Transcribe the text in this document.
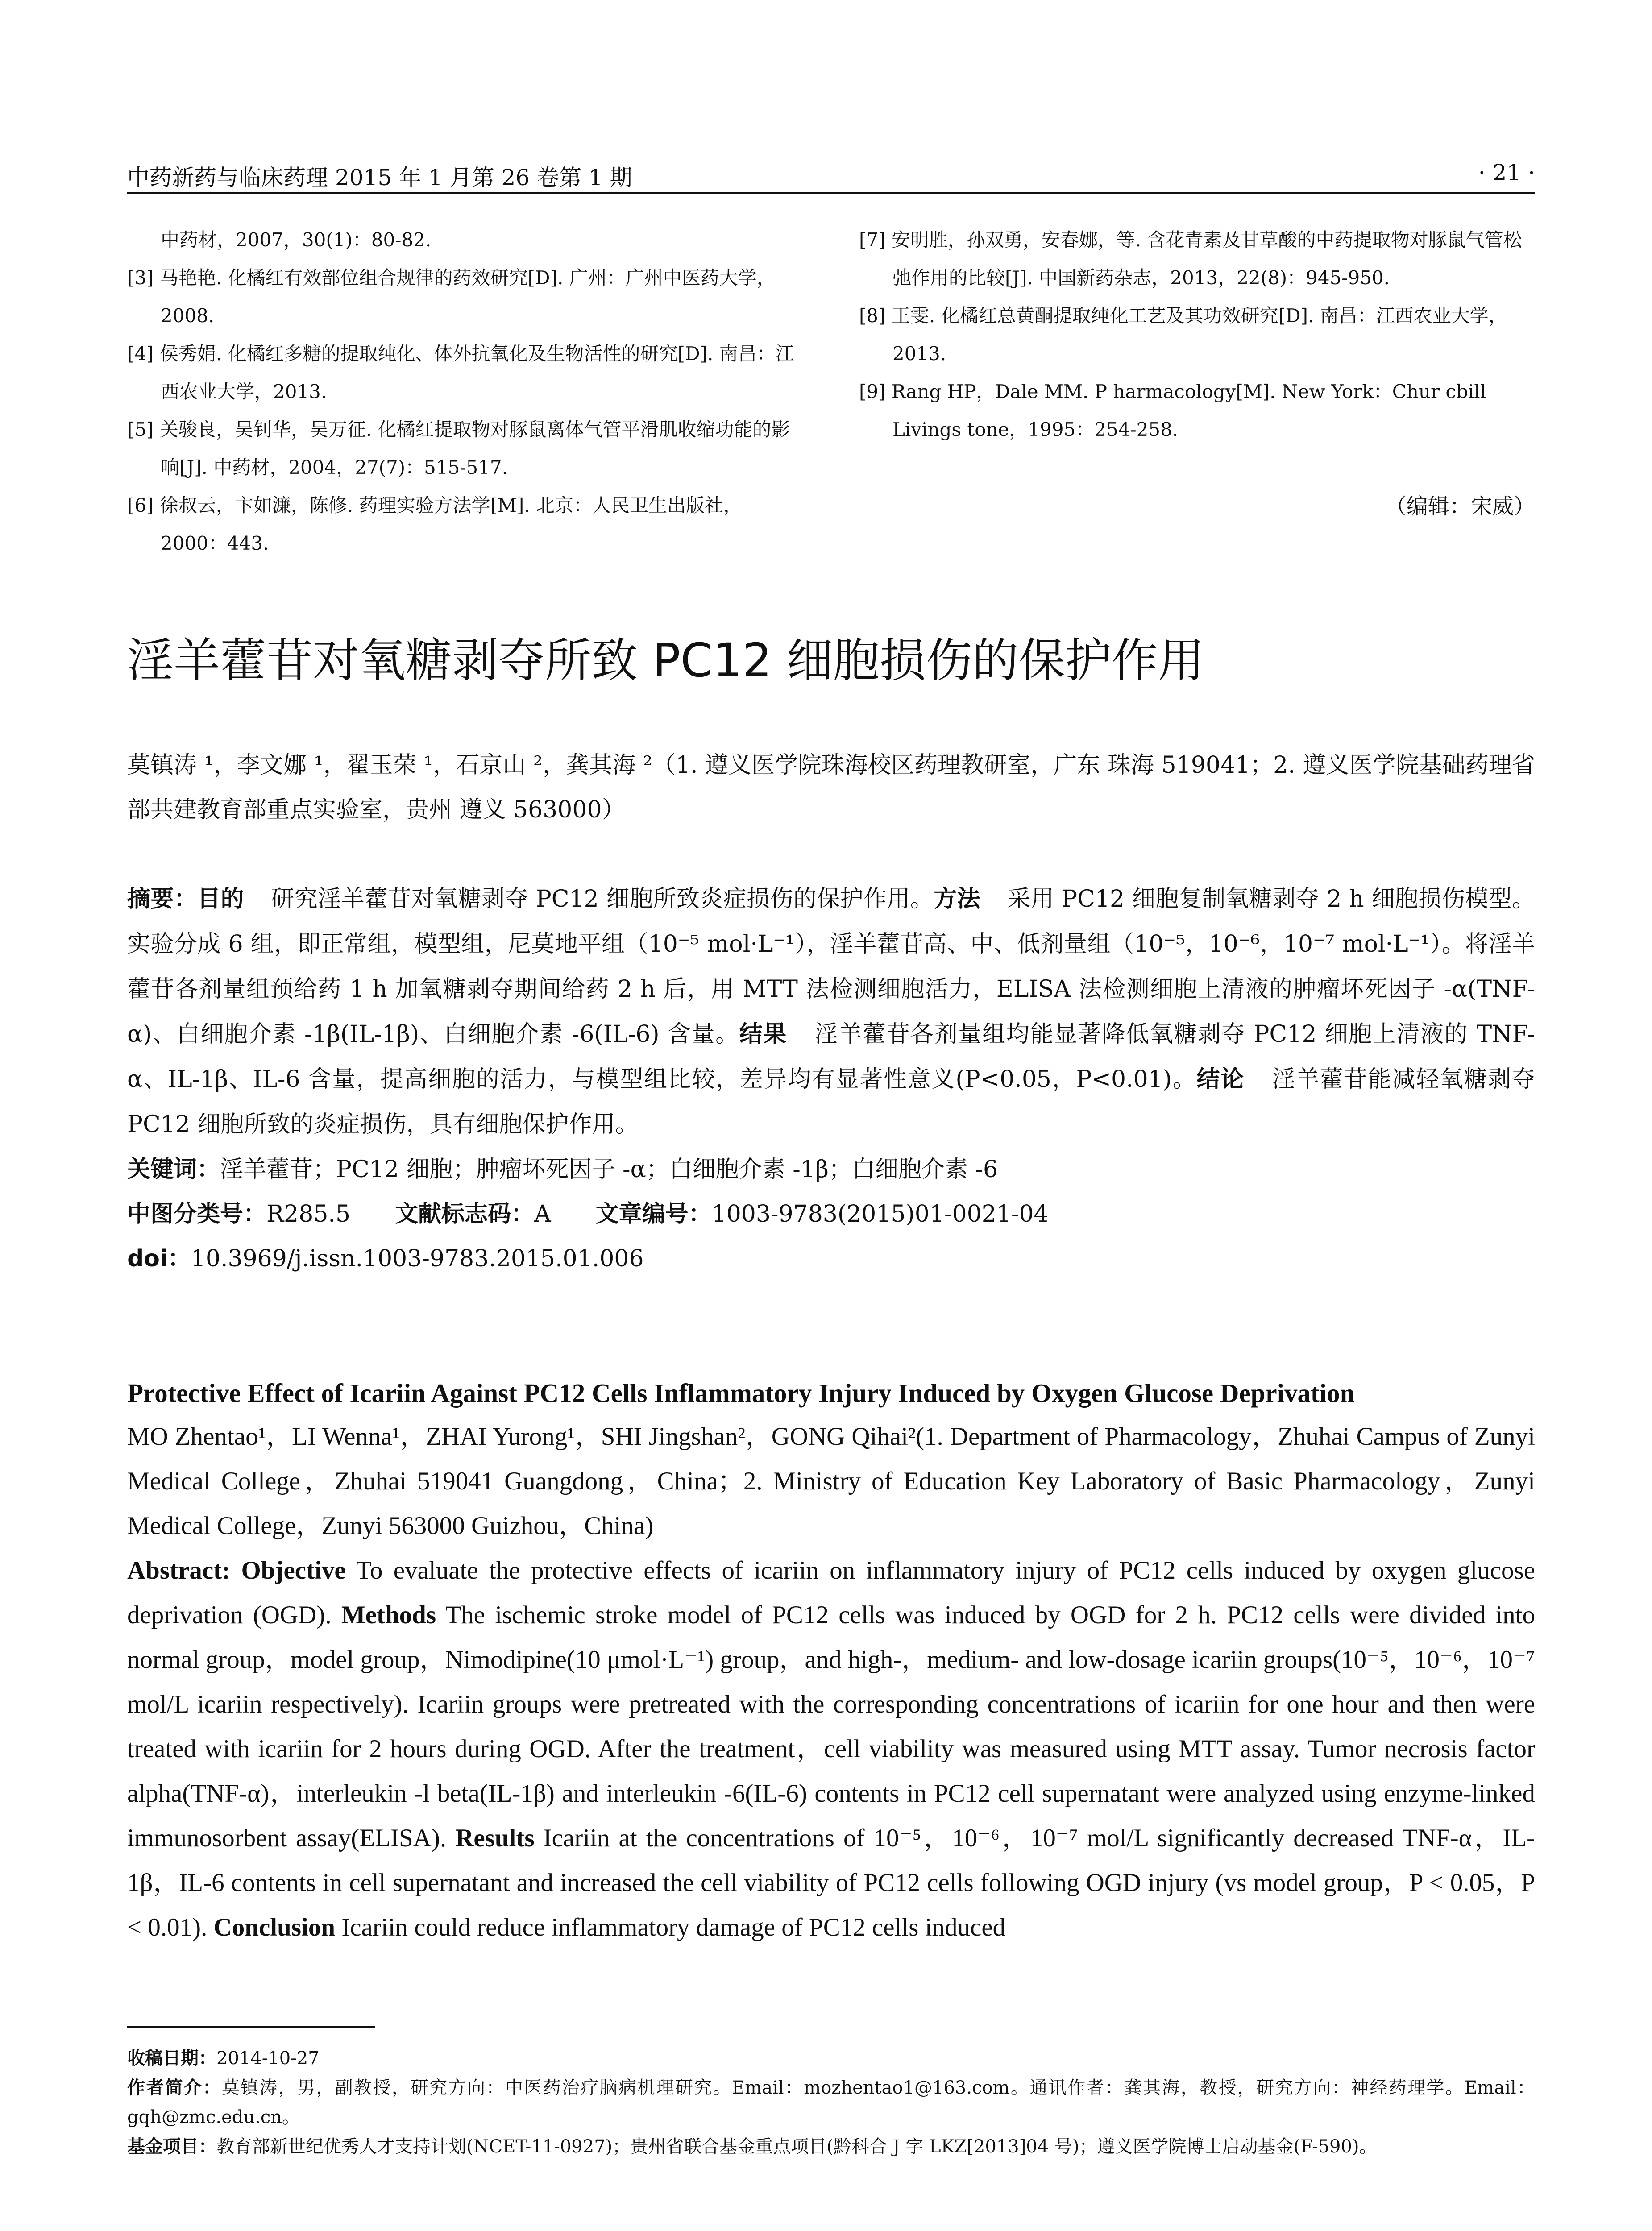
中药新药与临床药理 2015 年 1 月第 26 卷第 1 期	· 21 ·
中药材，2007，30(1)：80-82.
[3] 马艳艳. 化橘红有效部位组合规律的药效研究[D]. 广州：广州中医药大学，2008.
[4] 侯秀娟. 化橘红多糖的提取纯化、体外抗氧化及生物活性的研究[D]. 南昌：江西农业大学，2013.
[5] 关骏良，吴钊华，吴万征. 化橘红提取物对豚鼠离体气管平滑肌收缩功能的影响[J]. 中药材，2004，27(7)：515-517.
[6] 徐叔云，卞如濂，陈修. 药理实验方法学[M]. 北京：人民卫生出版社，2000：443.
[7] 安明胜，孙双勇，安春娜，等. 含花青素及甘草酸的中药提取物对豚鼠气管松弛作用的比较[J]. 中国新药杂志，2013，22(8)：945-950.
[8] 王雯. 化橘红总黄酮提取纯化工艺及其功效研究[D]. 南昌：江西农业大学，2013.
[9] Rang HP，Dale MM. P harmacology[M]. New York：Chur cbill Livings tone，1995：254-258.
（编辑：宋威）
淫羊藿苷对氧糖剥夺所致 PC12 细胞损伤的保护作用
莫镇涛 ¹，李文娜 ¹，翟玉荣 ¹，石京山 ²，龚其海 ²（1. 遵义医学院珠海校区药理教研室，广东 珠海 519041；2. 遵义医学院基础药理省部共建教育部重点实验室，贵州 遵义 563000）

摘要：目的 研究淫羊藿苷对氧糖剥夺 PC12 细胞所致炎症损伤的保护作用。方法 采用 PC12 细胞复制氧糖剥夺 2 h 细胞损伤模型。实验分成 6 组，即正常组，模型组，尼莫地平组（10⁻⁵ mol·L⁻¹），淫羊藿苷高、中、低剂量组（10⁻⁵，10⁻⁶，10⁻⁷ mol·L⁻¹）。将淫羊藿苷各剂量组预给药 1 h 加氧糖剥夺期间给药 2 h 后，用 MTT 法检测细胞活力，ELISA 法检测细胞上清液的肿瘤坏死因子 -α(TNF-α)、白细胞介素 -1β(IL-1β)、白细胞介素 -6(IL-6) 含量。结果 淫羊藿苷各剂量组均能显著降低氧糖剥夺 PC12 细胞上清液的 TNF-α、IL-1β、IL-6 含量，提高细胞的活力，与模型组比较，差异均有显著性意义(P<0.05，P<0.01)。结论 淫羊藿苷能减轻氧糖剥夺 PC12 细胞所致的炎症损伤，具有细胞保护作用。

关键词：淫羊藿苷；PC12 细胞；肿瘤坏死因子 -α；白细胞介素 -1β；白细胞介素 -6

中图分类号：R285.5 文献标志码：A 文章编号：1003-9783(2015)01-0021-04

doi：10.3969/j.issn.1003-9783.2015.01.006

Protective Effect of Icariin Against PC12 Cells Inflammatory Injury Induced by Oxygen Glucose Deprivation

MO Zhentao¹，LI Wenna¹，ZHAI Yurong¹，SHI Jingshan²，GONG Qihai²(1. Department of Pharmacology，Zhuhai Campus of Zunyi Medical College，Zhuhai 519041 Guangdong，China；2. Ministry of Education Key Laboratory of Basic Pharmacology，Zunyi Medical College，Zunyi 563000 Guizhou，China)

Abstract: Objective To evaluate the protective effects of icariin on inflammatory injury of PC12 cells induced by oxygen glucose deprivation (OGD). Methods The ischemic stroke model of PC12 cells was induced by OGD for 2 h. PC12 cells were divided into normal group，model group，Nimodipine(10 μmol·L⁻¹) group，and high-，medium- and low-dosage icariin groups(10⁻⁵，10⁻⁶，10⁻⁷ mol/L icariin respectively). Icariin groups were pretreated with the corresponding concentrations of icariin for one hour and then were treated with icariin for 2 hours during OGD. After the treatment，cell viability was measured using MTT assay. Tumor necrosis factor alpha(TNF-α)，interleukin -l beta(IL-1β) and interleukin -6(IL-6) contents in PC12 cell supernatant were analyzed using enzyme-linked immunosorbent assay(ELISA). Results Icariin at the concentrations of 10⁻⁵，10⁻⁶，10⁻⁷ mol/L significantly decreased TNF-α，IL-1β，IL-6 contents in cell supernatant and increased the cell viability of PC12 cells following OGD injury (vs model group，P < 0.05，P < 0.01). Conclusion Icariin could reduce inflammatory damage of PC12 cells induced

收稿日期：2014-10-27

作者简介：莫镇涛，男，副教授，研究方向：中医药治疗脑病机理研究。Email：mozhentao1@163.com。通讯作者：龚其海，教授，研究方向：神经药理学。Email：gqh@zmc.edu.cn。

基金项目：教育部新世纪优秀人才支持计划(NCET-11-0927)；贵州省联合基金重点项目(黔科合 J 字 LKZ[2013]04 号)；遵义医学院博士启动基金(F-590)。
